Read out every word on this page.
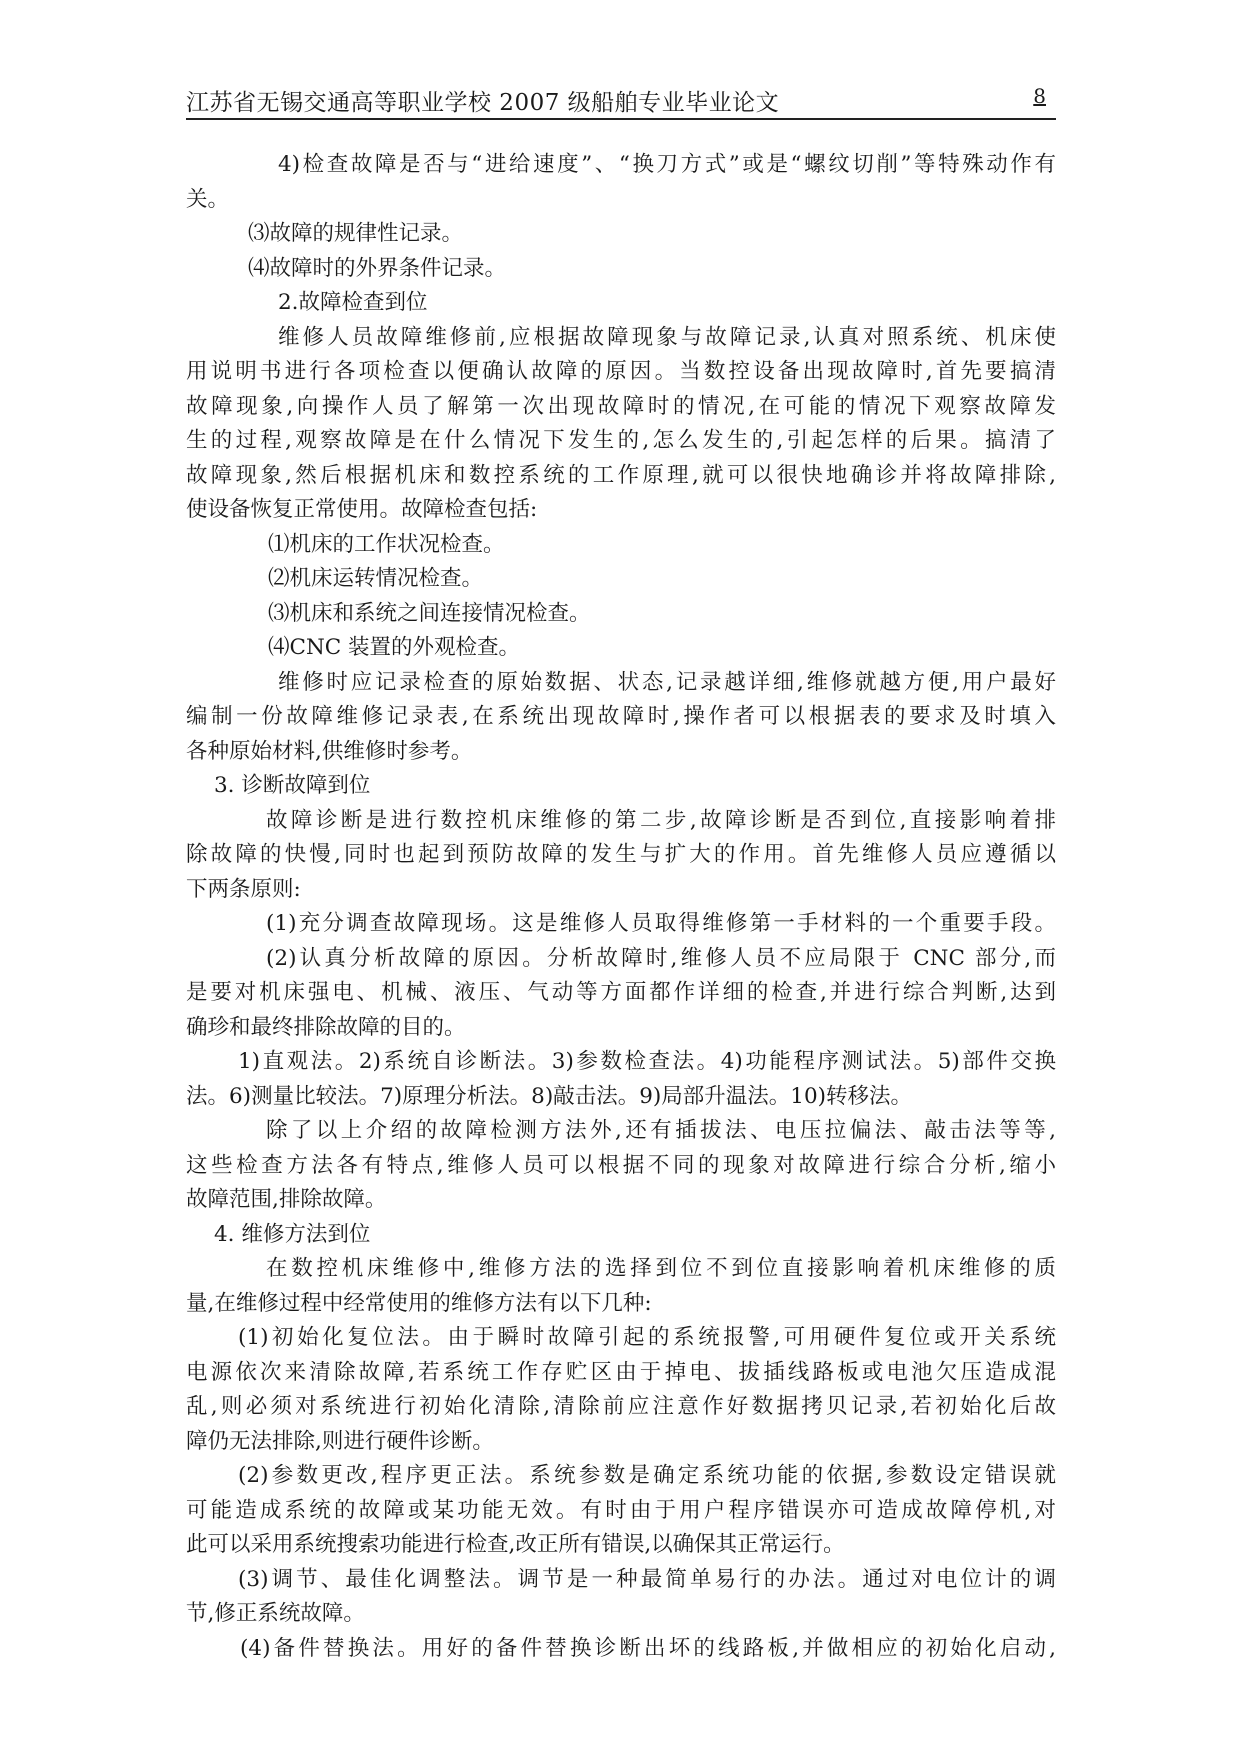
江苏省无锡交通高等职业学校 2007 级船舶专业毕业论文	8
4)检查故障是否与“进给速度”、“换刀方式”或是“螺纹切削”等特殊动作有
关。
⑶故障的规律性记录。
⑷故障时的外界条件记录。
2.故障检查到位
维修人员故障维修前,应根据故障现象与故障记录,认真对照系统、机床使
用说明书进行各项检查以便确认故障的原因。当数控设备出现故障时,首先要搞清
故障现象,向操作人员了解第一次出现故障时的情况,在可能的情况下观察故障发
生的过程,观察故障是在什么情况下发生的,怎么发生的,引起怎样的后果。搞清了
故障现象,然后根据机床和数控系统的工作原理,就可以很快地确诊并将故障排除,
使设备恢复正常使用。故障检查包括:
⑴机床的工作状况检查。
⑵机床运转情况检查。
⑶机床和系统之间连接情况检查。
⑷CNC 装置的外观检查。
维修时应记录检查的原始数据、状态,记录越详细,维修就越方便,用户最好
编制一份故障维修记录表,在系统出现故障时,操作者可以根据表的要求及时填入
各种原始材料,供维修时参考。
3. 诊断故障到位
故障诊断是进行数控机床维修的第二步,故障诊断是否到位,直接影响着排
除故障的快慢,同时也起到预防故障的发生与扩大的作用。首先维修人员应遵循以
下两条原则:
(1)充分调查故障现场。这是维修人员取得维修第一手材料的一个重要手段。
(2)认真分析故障的原因。分析故障时,维修人员不应局限于 CNC 部分,而
是要对机床强电、机械、液压、气动等方面都作详细的检查,并进行综合判断,达到
确珍和最终排除故障的目的。
1)直观法。2)系统自诊断法。3)参数检查法。4)功能程序测试法。5)部件交换
法。6)测量比较法。7)原理分析法。8)敲击法。9)局部升温法。10)转移法。
除了以上介绍的故障检测方法外,还有插拔法、电压拉偏法、敲击法等等,
这些检查方法各有特点,维修人员可以根据不同的现象对故障进行综合分析,缩小
故障范围,排除故障。
4. 维修方法到位
在数控机床维修中,维修方法的选择到位不到位直接影响着机床维修的质
量,在维修过程中经常使用的维修方法有以下几种:
(1)初始化复位法。由于瞬时故障引起的系统报警,可用硬件复位或开关系统
电源依次来清除故障,若系统工作存贮区由于掉电、拔插线路板或电池欠压造成混
乱,则必须对系统进行初始化清除,清除前应注意作好数据拷贝记录,若初始化后故
障仍无法排除,则进行硬件诊断。
(2)参数更改,程序更正法。系统参数是确定系统功能的依据,参数设定错误就
可能造成系统的故障或某功能无效。有时由于用户程序错误亦可造成故障停机,对
此可以采用系统搜索功能进行检查,改正所有错误,以确保其正常运行。
(3)调节、最佳化调整法。调节是一种最简单易行的办法。通过对电位计的调
节,修正系统故障。
(4)备件替换法。用好的备件替换诊断出坏的线路板,并做相应的初始化启动,
